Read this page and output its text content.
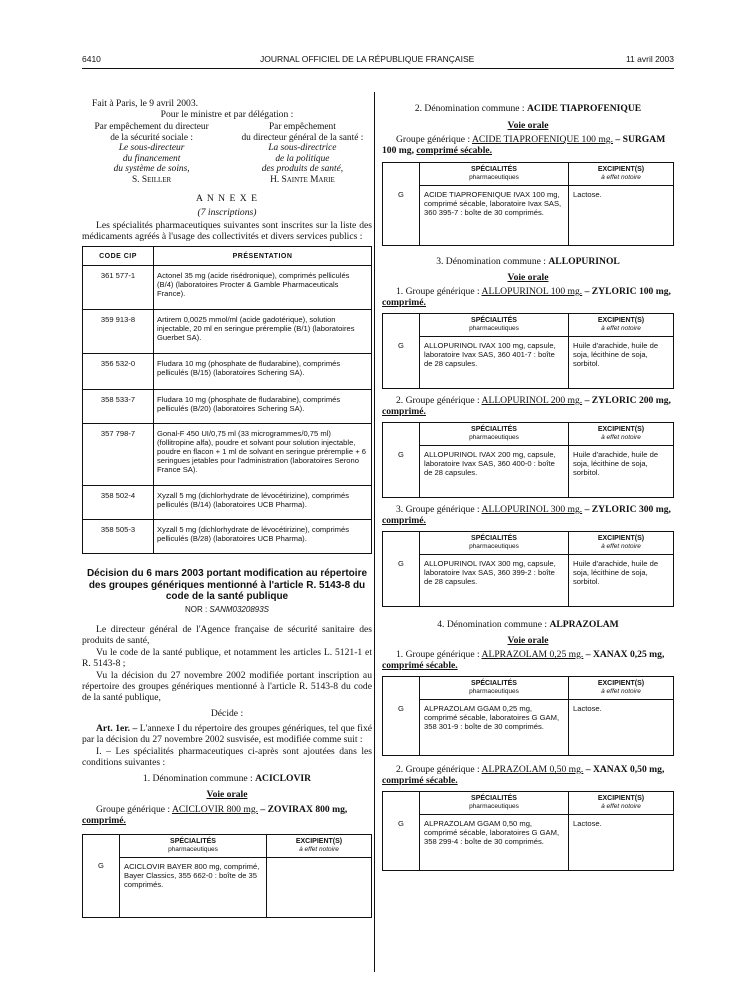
6410	JOURNAL OFFICIEL DE LA RÉPUBLIQUE FRANÇAISE	11 avril 2003

Fait à Paris, le 9 avril 2003.

Pour le ministre et par délégation :

Par empêchement du directeur
de la sécurité sociale :
Le sous-directeur
du financement
du système de soins,
S. Seiller
Par empêchement
du directeur général de la santé :
La sous-directrice
de la politique
des produits de santé,
H. Sainte Marie

A N N E X E

(7 inscriptions)

Les spécialités pharmaceutiques suivantes sont inscrites sur la liste des médicaments agréés à l'usage des collectivités et divers services publics :

CODE CIP	PRÉSENTATION
361 577-1	Actonel 35 mg (acide risédronique), comprimés pelliculés (B/4) (laboratoires Procter & Gamble Pharmaceuticals France).
359 913-8	Artirem 0,0025 mmol/ml (acide gadotérique), solution injectable, 20 ml en seringue préremplie (B/1) (laboratoires Guerbet SA).
356 532-0	Fludara 10 mg (phosphate de fludarabine), comprimés pelliculés (B/15) (laboratoires Schering SA).
358 533-7	Fludara 10 mg (phosphate de fludarabine), comprimés pelliculés (B/20) (laboratoires Schering SA).
357 798-7	Gonal-F 450 UI/0,75 ml (33 microgrammes/0,75 ml) (follitropine alfa), poudre et solvant pour solution injectable, poudre en flacon + 1 ml de solvant en seringue préremplie + 6 seringues jetables pour l'administration (laboratoires Serono France SA).
358 502-4	Xyzall 5 mg (dichlorhydrate de lévocétirizine), comprimés pelliculés (B/14) (laboratoires UCB Pharma).
358 505-3	Xyzall 5 mg (dichlorhydrate de lévocétirizine), comprimés pelliculés (B/28) (laboratoires UCB Pharma).

Décision du 6 mars 2003 portant modification au répertoire des groupes génériques mentionné à l'article R. 5143-8 du code de la santé publique

NOR : SANM0320893S

Le directeur général de l'Agence française de sécurité sanitaire des produits de santé,

Vu le code de la santé publique, et notamment les articles L. 5121-1 et R. 5143-8 ;

Vu la décision du 27 novembre 2002 modifiée portant inscription au répertoire des groupes génériques mentionné à l'article R. 5143-8 du code de la santé publique,

Décide :

Art. 1er. – L'annexe I du répertoire des groupes génériques, tel que fixé par la décision du 27 novembre 2002 susvisée, est modifiée comme suit :

I. – Les spécialités pharmaceutiques ci-après sont ajoutées dans les conditions suivantes :

1. Dénomination commune : ACICLOVIR

Voie orale

Groupe générique : ACICLOVIR 800 mg. – ZOVIRAX 800 mg, comprimé.

	SPÉCIALITÉS
pharmaceutiques	EXCIPIENT(S)
à effet notoire

G	ACICLOVIR BAYER 800 mg, comprimé, Bayer Classics, 355 662-0 : boîte de 35 comprimés.	

2. Dénomination commune : ACIDE TIAPROFENIQUE

Voie orale

Groupe générique : ACIDE TIAPROFENIQUE 100 mg. – SURGAM 100 mg, comprimé sécable.

	SPÉCIALITÉS
pharmaceutiques	EXCIPIENT(S)
à effet notoire

G	ACIDE TIAPROFENIQUE IVAX 100 mg, comprimé sécable, laboratoire Ivax SAS, 360 395-7 : boîte de 30 comprimés.	Lactose.

3. Dénomination commune : ALLOPURINOL

Voie orale

1. Groupe générique : ALLOPURINOL 100 mg. – ZYLORIC 100 mg, comprimé.

	SPÉCIALITÉS
pharmaceutiques	EXCIPIENT(S)
à effet notoire

G	ALLOPURINOL IVAX 100 mg, capsule, laboratoire Ivax SAS, 360 401-7 : boîte de 28 capsules.	Huile d'arachide, huile de soja, lécithine de soja, sorbitol.

2. Groupe générique : ALLOPURINOL 200 mg. – ZYLORIC 200 mg, comprimé.

	SPÉCIALITÉS
pharmaceutiques	EXCIPIENT(S)
à effet notoire

G	ALLOPURINOL IVAX 200 mg, capsule, laboratoire Ivax SAS, 360 400-0 : boîte de 28 capsules.	Huile d'arachide, huile de soja, lécithine de soja, sorbitol.

3. Groupe générique : ALLOPURINOL 300 mg. – ZYLORIC 300 mg, comprimé.

	SPÉCIALITÉS
pharmaceutiques	EXCIPIENT(S)
à effet notoire

G	ALLOPURINOL IVAX 300 mg, capsule, laboratoire Ivax SAS, 360 399-2 : boîte de 28 capsules.	Huile d'arachide, huile de soja, lécithine de soja, sorbitol.

4. Dénomination commune : ALPRAZOLAM

Voie orale

1. Groupe générique : ALPRAZOLAM 0,25 mg. – XANAX 0,25 mg, comprimé sécable.

	SPÉCIALITÉS
pharmaceutiques	EXCIPIENT(S)
à effet notoire

G	ALPRAZOLAM GGAM 0,25 mg, comprimé sécable, laboratoires G GAM, 358 301-9 : boîte de 30 comprimés.	Lactose.

2. Groupe générique : ALPRAZOLAM 0,50 mg. – XANAX 0,50 mg, comprimé sécable.

	SPÉCIALITÉS
pharmaceutiques	EXCIPIENT(S)
à effet notoire

G	ALPRAZOLAM GGAM 0,50 mg, comprimé sécable, laboratoires G GAM, 358 299-4 : boîte de 30 comprimés.	Lactose.
